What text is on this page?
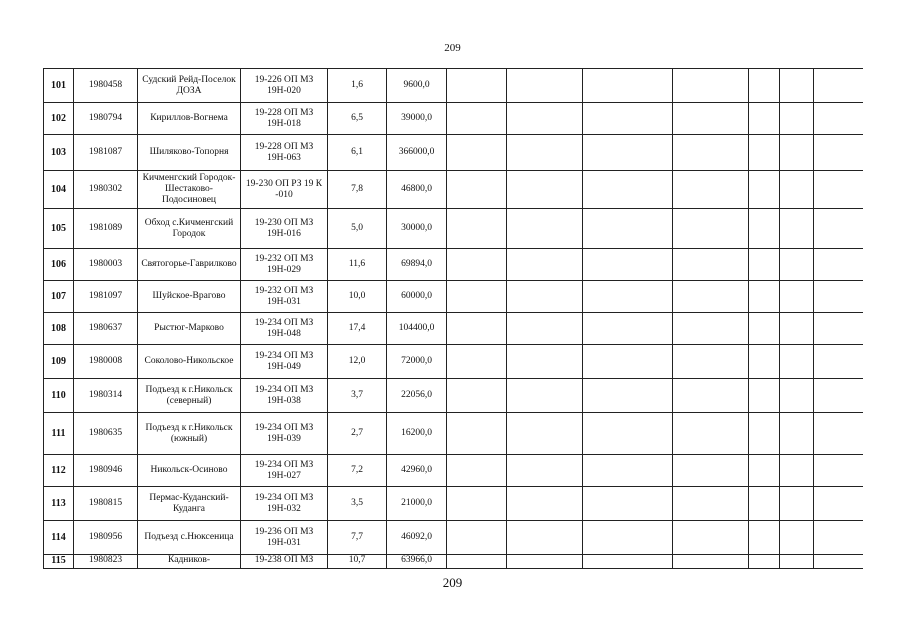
209
101	1980458	Судский Рейд-Поселок ДОЗА	19-226 ОП МЗ 19Н-020	1,6	9600,0							
102	1980794	Кириллов-Вогнема	19-228 ОП МЗ 19Н-018	6,5	39000,0							
103	1981087	Шиляково-Топорня	19-228 ОП МЗ 19Н-063	6,1	366000,0							
104	1980302	Кичменгский Городок-Шестаково-Подосиновец	19-230 ОП РЗ 19 К -010	7,8	46800,0							
105	1981089	Обход с.Кичменгский Городок	19-230 ОП МЗ 19Н-016	5,0	30000,0							
106	1980003	Святогорье-Гаврилково	19-232 ОП МЗ 19Н-029	11,6	69894,0							
107	1981097	Шуйское-Врагово	19-232 ОП МЗ 19Н-031	10,0	60000,0							
108	1980637	Рыстюг-Марково	19-234 ОП МЗ 19Н-048	17,4	104400,0							
109	1980008	Соколово-Никольское	19-234 ОП МЗ 19Н-049	12,0	72000,0							
110	1980314	Подъезд к г.Никольск (северный)	19-234 ОП МЗ 19Н-038	3,7	22056,0							
111	1980635	Подъезд к г.Никольск (южный)	19-234 ОП МЗ 19Н-039	2,7	16200,0							
112	1980946	Никольск-Осиново	19-234 ОП МЗ 19Н-027	7,2	42960,0							
113	1980815	Пермас-Куданский-Куданга	19-234 ОП МЗ 19Н-032	3,5	21000,0							
114	1980956	Подъезд с.Нюксеница	19-236 ОП МЗ 19Н-031	7,7	46092,0							
115	1980823	Кадников-	19-238 ОП МЗ	10,7	63966,0							
209
